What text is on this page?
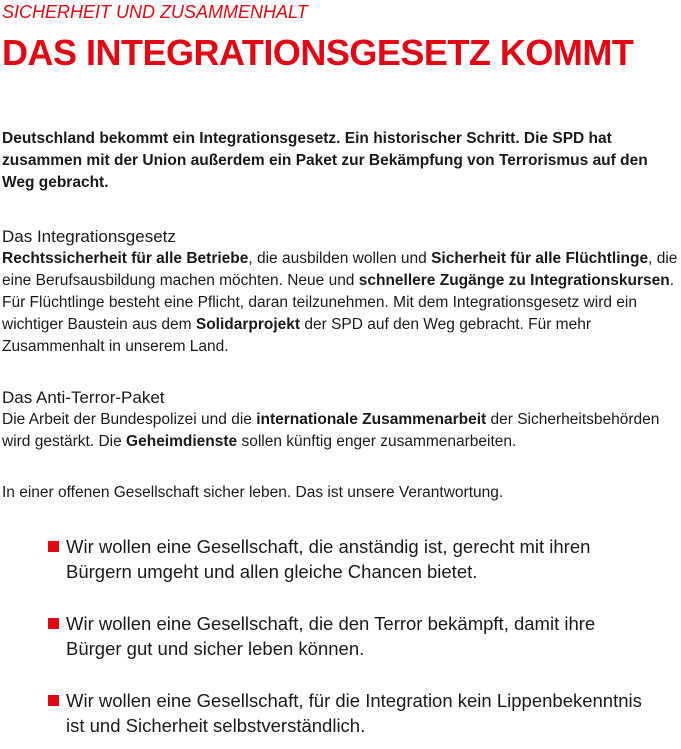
SICHERHEIT UND ZUSAMMENHALT
DAS INTEGRATIONSGESETZ KOMMT

Deutschland bekommt ein Integrationsgesetz. Ein historischer Schritt. Die SPD hat zusammen mit der Union außerdem ein Paket zur Bekämpfung von Terrorismus auf den Weg gebracht.

Das Integrationsgesetz

Rechtssicherheit für alle Betriebe, die ausbilden wollen und Sicherheit für alle Flüchtlinge, die eine Berufsausbildung machen möchten. Neue und schnellere Zugänge zu Integrationskursen. Für Flüchtlinge besteht eine Pflicht, daran teilzunehmen. Mit dem Integrationsgesetz wird ein wichtiger Baustein aus dem Solidarprojekt der SPD auf den Weg gebracht. Für mehr Zusammenhalt in unserem Land.

Das Anti-Terror-Paket

Die Arbeit der Bundespolizei und die internationale Zusammenarbeit der Sicherheitsbehörden wird gestärkt. Die Geheimdienste sollen künftig enger zusammenarbeiten.

In einer offenen Gesellschaft sicher leben. Das ist unsere Verantwortung.

Wir wollen eine Gesellschaft, die anständig ist, gerecht mit ihren Bürgern umgeht und allen gleiche Chancen bietet.
Wir wollen eine Gesellschaft, die den Terror bekämpft, damit ihre Bürger gut und sicher leben können.
Wir wollen eine Gesellschaft, für die Integration kein Lippenbekenntnis ist und Sicherheit selbstverständlich.
